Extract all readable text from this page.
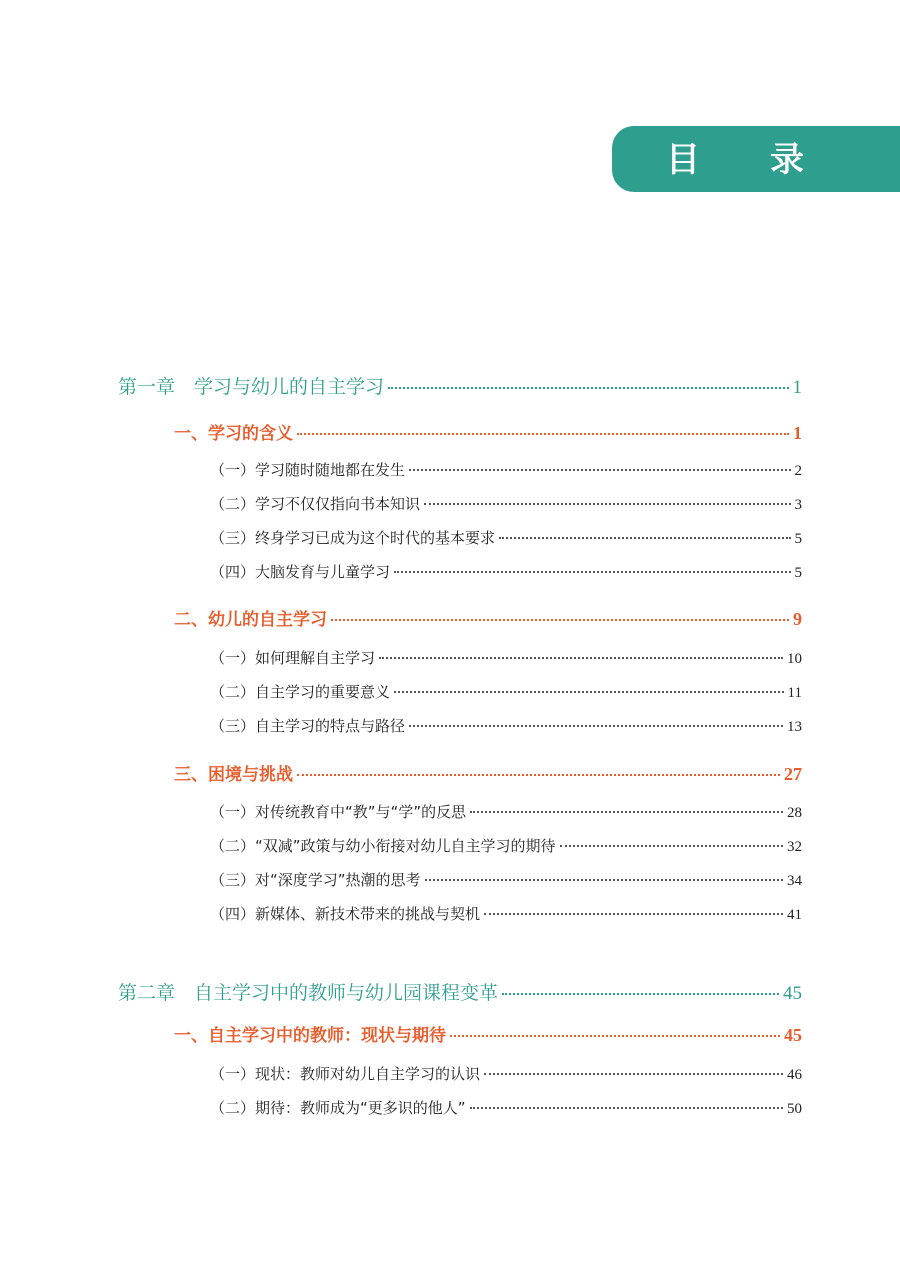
目 录
第一章　学习与幼儿的自主学习	1
一、学习的含义	1
（一）学习随时随地都在发生	2
（二）学习不仅仅指向书本知识	3
（三）终身学习已成为这个时代的基本要求	5
（四）大脑发育与儿童学习	5
二、幼儿的自主学习	9
（一）如何理解自主学习	10
（二）自主学习的重要意义	11
（三）自主学习的特点与路径	13
三、困境与挑战	27
（一）对传统教育中“教”与“学”的反思	28
（二）“双减”政策与幼小衔接对幼儿自主学习的期待	32
（三）对“深度学习”热潮的思考	34
（四）新媒体、新技术带来的挑战与契机	41
第二章　自主学习中的教师与幼儿园课程变革	45
一、自主学习中的教师：现状与期待	45
（一）现状：教师对幼儿自主学习的认识	46
（二）期待：教师成为“更多识的他人”	50
